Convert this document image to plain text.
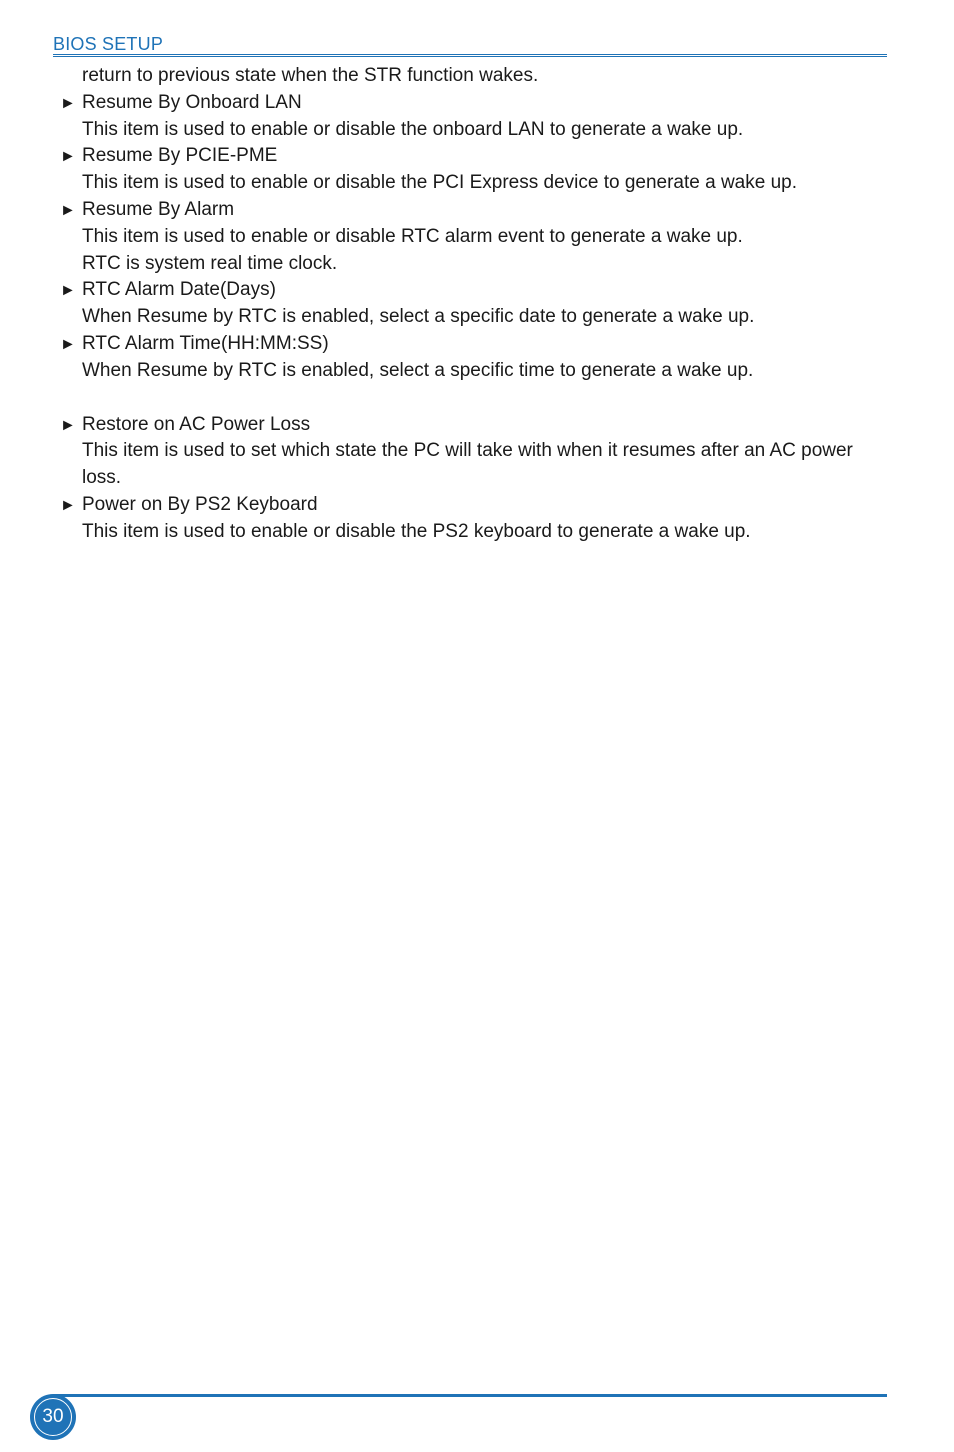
BIOS SETUP
return to previous state when the STR function wakes.
► Resume By Onboard LAN
This item is used to enable or disable the onboard LAN to generate a wake up.
► Resume By PCIE-PME
This item is used to enable or disable the PCI Express device to generate a wake up.
► Resume By Alarm
This item is used to enable or disable RTC alarm event to generate a wake up.
RTC is system real time clock.
► RTC Alarm Date(Days)
When Resume by RTC is enabled, select a specific date to generate a wake up.
► RTC Alarm Time(HH:MM:SS)
When Resume by RTC is enabled, select a specific time to generate a wake up.
► Restore on AC Power Loss
This item is used to set which state the PC will take with when it resumes after an AC power
loss.
► Power on By PS2 Keyboard
This item is used to enable or disable the PS2 keyboard to generate a wake up.
30
